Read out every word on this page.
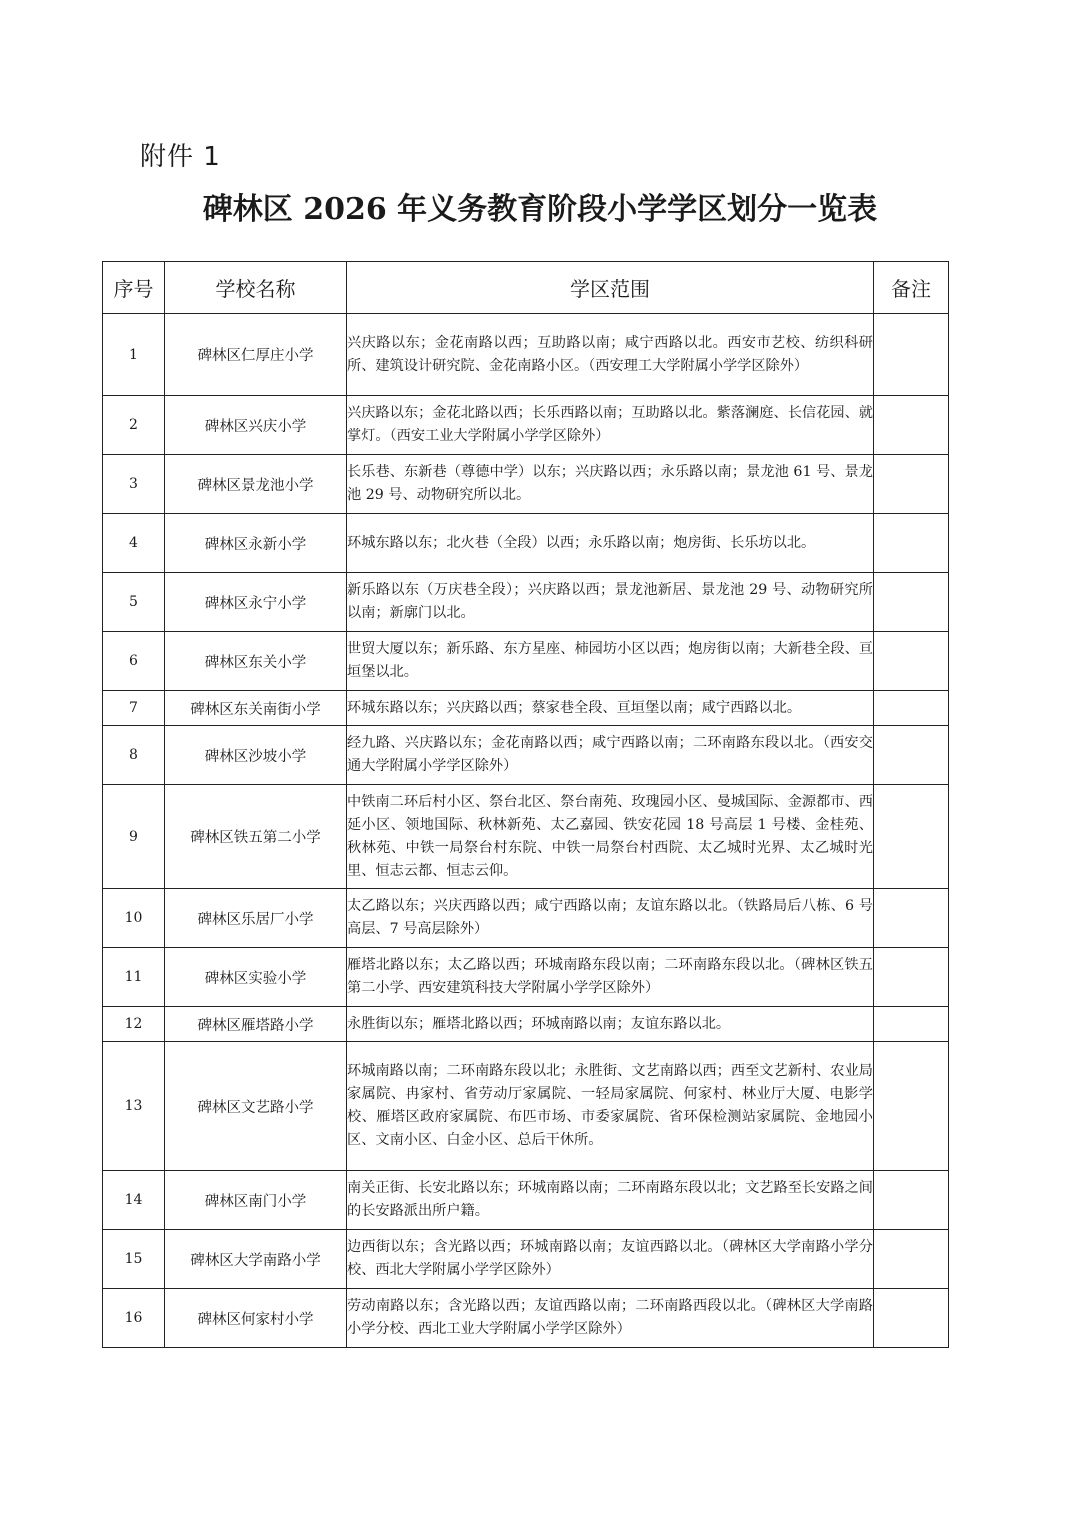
附件 1
碑林区 2026 年义务教育阶段小学学区划分一览表
序号	学校名称	学区范围	备注
1	碑林区仁厚庄小学	兴庆路以东；金花南路以西；互助路以南；咸宁西路以北。西安市艺校、纺织科研所、建筑设计研究院、金花南路小区。（西安理工大学附属小学学区除外）	
2	碑林区兴庆小学	兴庆路以东；金花北路以西；长乐西路以南；互助路以北。紫落澜庭、长信花园、就掌灯。（西安工业大学附属小学学区除外）	
3	碑林区景龙池小学	长乐巷、东新巷（尊德中学）以东；兴庆路以西；永乐路以南；景龙池 61 号、景龙池 29 号、动物研究所以北。	
4	碑林区永新小学	环城东路以东；北火巷（全段）以西；永乐路以南；炮房街、长乐坊以北。	
5	碑林区永宁小学	新乐路以东（万庆巷全段）；兴庆路以西；景龙池新居、景龙池 29 号、动物研究所以南；新廓门以北。	
6	碑林区东关小学	世贸大厦以东；新乐路、东方星座、柿园坊小区以西；炮房街以南；大新巷全段、亘垣堡以北。	
7	碑林区东关南街小学	环城东路以东；兴庆路以西；蔡家巷全段、亘垣堡以南；咸宁西路以北。	
8	碑林区沙坡小学	经九路、兴庆路以东；金花南路以西；咸宁西路以南；二环南路东段以北。（西安交通大学附属小学学区除外）	
9	碑林区铁五第二小学	中铁南二环后村小区、祭台北区、祭台南苑、玫瑰园小区、曼城国际、金源都市、西延小区、领地国际、秋林新苑、太乙嘉园、铁安花园 18 号高层 1 号楼、金桂苑、秋林苑、中铁一局祭台村东院、中铁一局祭台村西院、太乙城时光界、太乙城时光里、恒志云都、恒志云仰。	
10	碑林区乐居厂小学	太乙路以东；兴庆西路以西；咸宁西路以南；友谊东路以北。（铁路局后八栋、6 号高层、7 号高层除外）	
11	碑林区实验小学	雁塔北路以东；太乙路以西；环城南路东段以南；二环南路东段以北。（碑林区铁五第二小学、西安建筑科技大学附属小学学区除外）	
12	碑林区雁塔路小学	永胜街以东；雁塔北路以西；环城南路以南；友谊东路以北。	
13	碑林区文艺路小学	环城南路以南；二环南路东段以北；永胜街、文艺南路以西；西至文艺新村、农业局家属院、冉家村、省劳动厅家属院、一轻局家属院、何家村、林业厅大厦、电影学校、雁塔区政府家属院、布匹市场、市委家属院、省环保检测站家属院、金地园小区、文南小区、白金小区、总后干休所。	
14	碑林区南门小学	南关正街、长安北路以东；环城南路以南；二环南路东段以北；文艺路至长安路之间的长安路派出所户籍。	
15	碑林区大学南路小学	边西街以东；含光路以西；环城南路以南；友谊西路以北。（碑林区大学南路小学分校、西北大学附属小学学区除外）	
16	碑林区何家村小学	劳动南路以东；含光路以西；友谊西路以南；二环南路西段以北。（碑林区大学南路小学分校、西北工业大学附属小学学区除外）	
